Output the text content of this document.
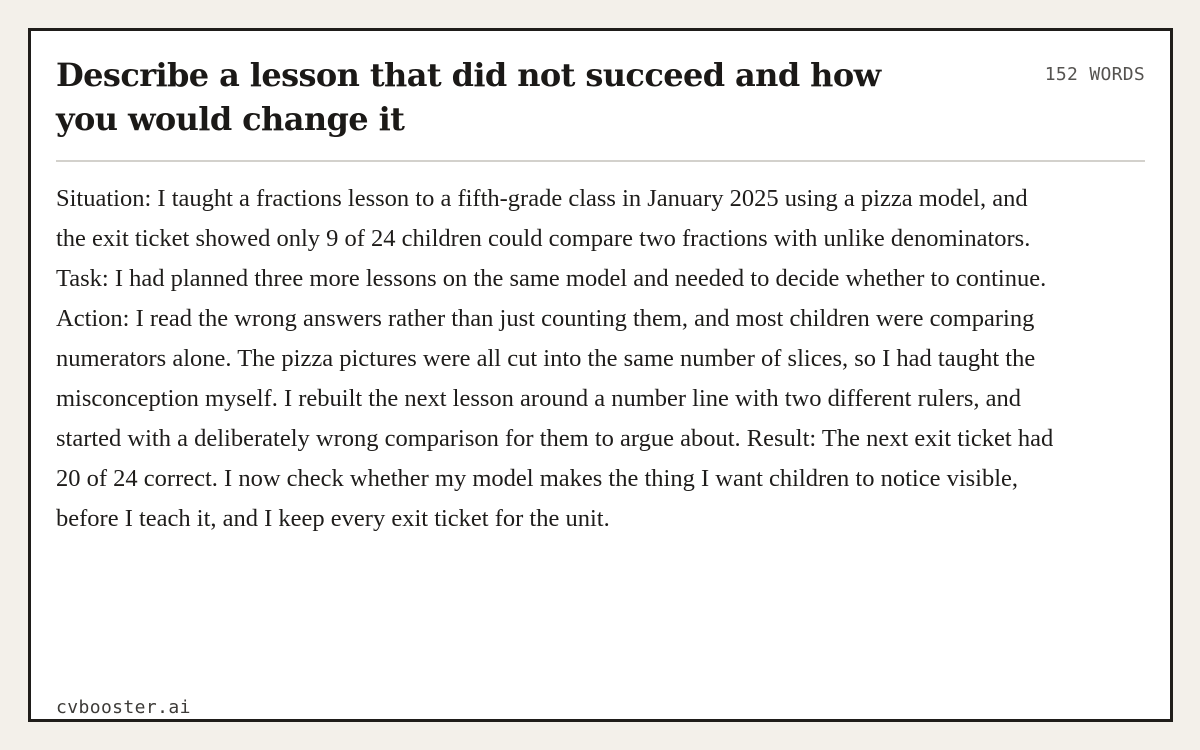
Describe a lesson that did not succeed and how you would change it
152 WORDS

Situation: I taught a fractions lesson to a fifth-grade class in January 2025 using a pizza model, and the exit ticket showed only 9 of 24 children could compare two fractions with unlike denominators. Task: I had planned three more lessons on the same model and needed to decide whether to continue. Action: I read the wrong answers rather than just counting them, and most children were comparing numerators alone. The pizza pictures were all cut into the same number of slices, so I had taught the misconception myself. I rebuilt the next lesson around a number line with two different rulers, and started with a deliberately wrong comparison for them to argue about. Result: The next exit ticket had 20 of 24 correct. I now check whether my model makes the thing I want children to notice visible, before I teach it, and I keep every exit ticket for the unit.

cvbooster.ai
